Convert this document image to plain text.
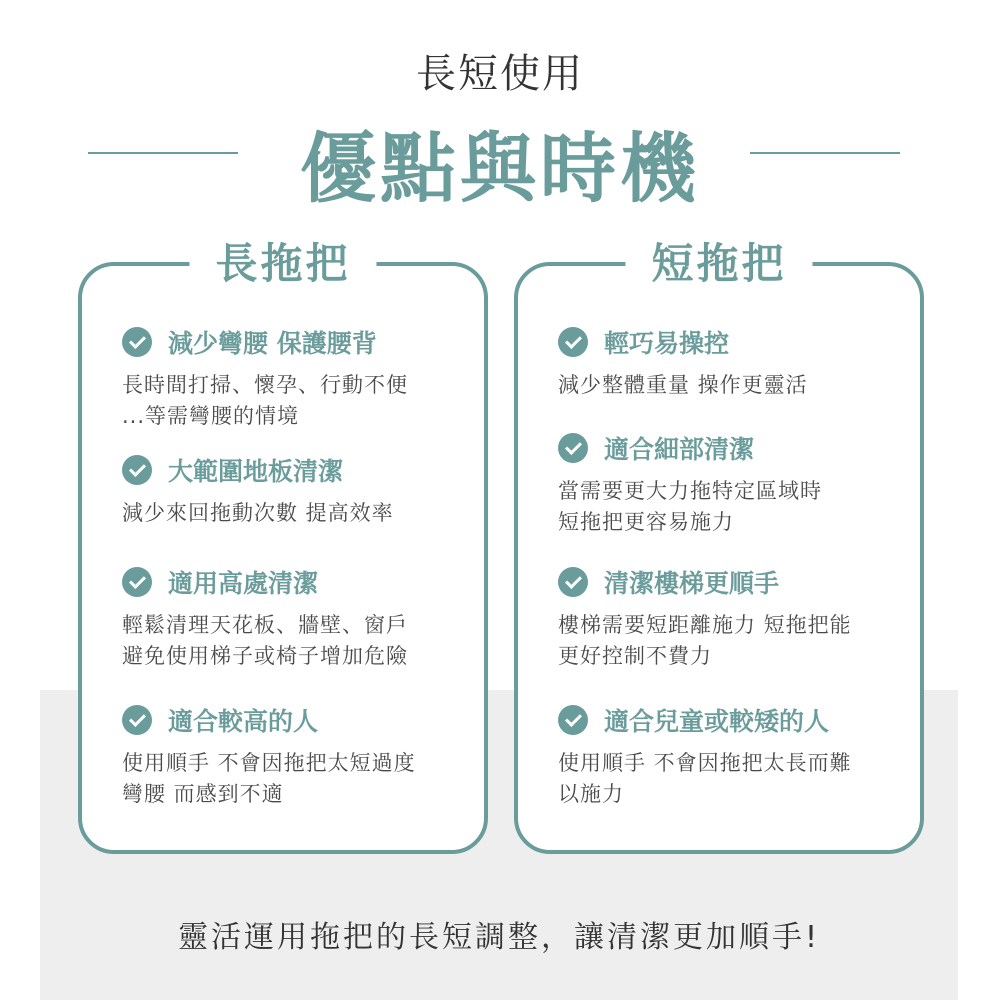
長短使用
優點與時機
長拖把
減少彎腰 保護腰背
長時間打掃、懷孕、行動不便
...等需彎腰的情境
大範圍地板清潔
減少來回拖動次數 提高效率
適用高處清潔
輕鬆清理天花板、牆壁、窗戶
避免使用梯子或椅子增加危險
適合較高的人
使用順手 不會因拖把太短過度
彎腰 而感到不適
短拖把
輕巧易操控
減少整體重量 操作更靈活
適合細部清潔
當需要更大力拖特定區域時
短拖把更容易施力
清潔樓梯更順手
樓梯需要短距離施力 短拖把能
更好控制不費力
適合兒童或較矮的人
使用順手 不會因拖把太長而難
以施力
靈活運用拖把的長短調整，讓清潔更加順手!
